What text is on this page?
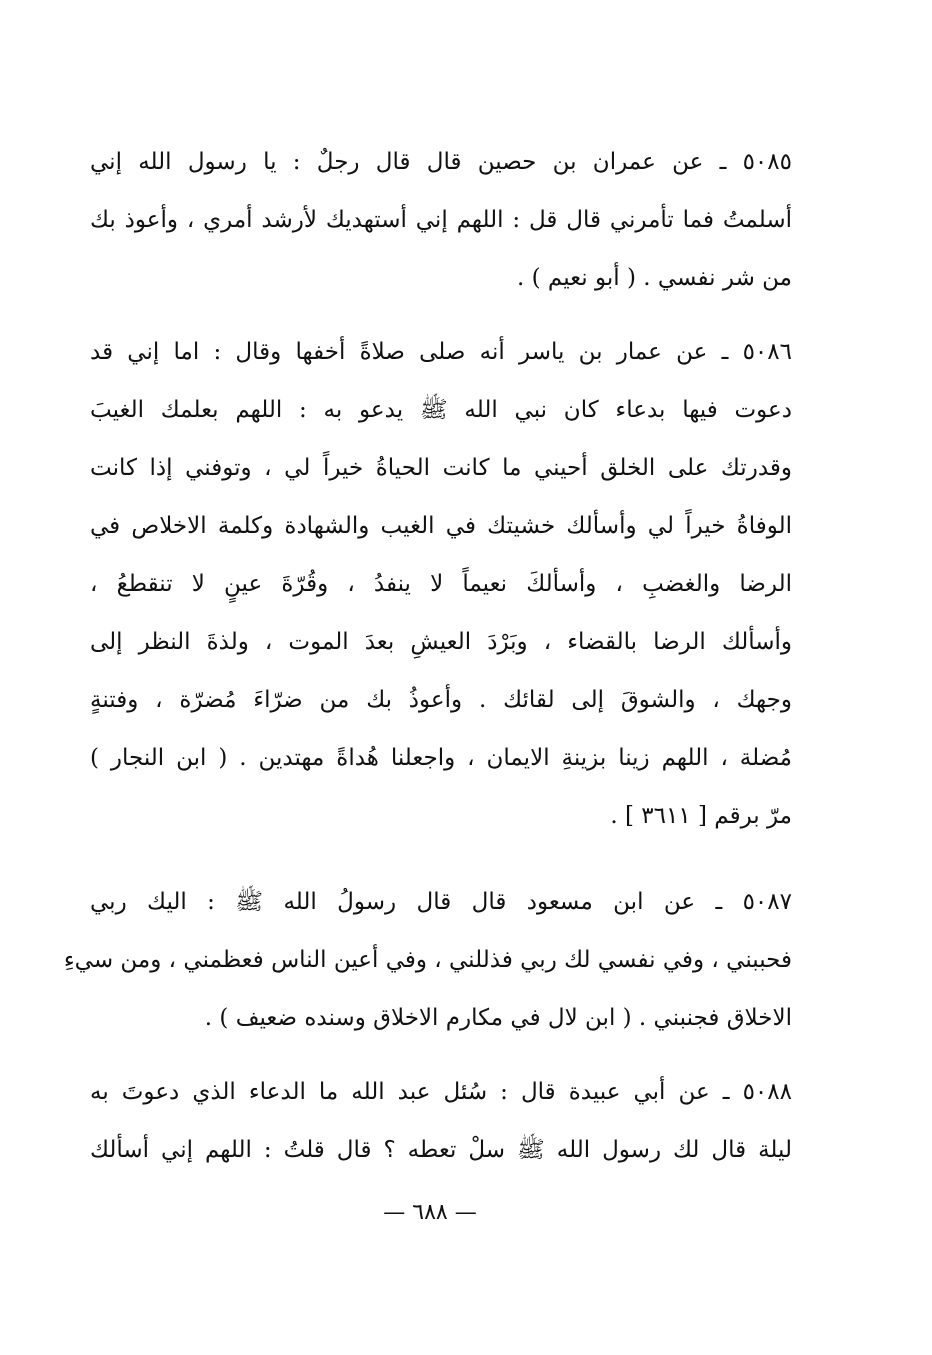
٥٠٨٥ ـ عن عمران بن حصين قال قال رجلٌ : يا رسول الله إني
أسلمتُ فما تأمرني قال قل : اللهم إني أستهديك لأرشد أمري ، وأعوذ بك
من شر نفسي . ( أبو نعيم ) .
٥٠٨٦ ـ عن عمار بن ياسر أنه صلى صلاةً أخفها وقال : اما إني قد
دعوت فيها بدعاء كان نبي الله ﷺ يدعو به : اللهم بعلمك الغيبَ
وقدرتك على الخلق أحيني ما كانت الحياةُ خيراً لي ، وتوفني إذا كانت
الوفاةُ خيراً لي وأسألك خشيتك في الغيب والشهادة وكلمة الاخلاص في
الرضا والغضبِ ، وأسألكَ نعيماً لا ينفدُ ، وقُرّةَ عينٍ لا تنقطعُ ،
وأسألك الرضا بالقضاء ، وبَرْدَ العيشِ بعدَ الموت ، ولذةَ النظر إلى
وجهك ، والشوقَ إلى لقائك . وأعوذُ بك من ضرّاءَ مُضرّة ، وفتنةٍ
مُضلة ، اللهم زينا بزينةِ الايمان ، واجعلنا هُداةً مهتدين . ( ابن النجار )
مرّ برقم [ ٣٦١١ ] .
٥٠٨٧ ـ عن ابن مسعود قال قال رسولُ الله ﷺ : اليك ربي
فحببني ، وفي نفسي لك ربي فذللني ، وفي أعين الناس فعظمني ، ومن سيءِ
الاخلاق فجنبني . ( ابن لال في مكارم الاخلاق وسنده ضعيف ) .
٥٠٨٨ ـ عن أبي عبيدة قال : سُئل عبد الله ما الدعاء الذي دعوتَ به
ليلة قال لك رسول الله ﷺ سلْ تعطه ؟ قال قلتُ : اللهم إني أسألك
— ٦٨٨ —
